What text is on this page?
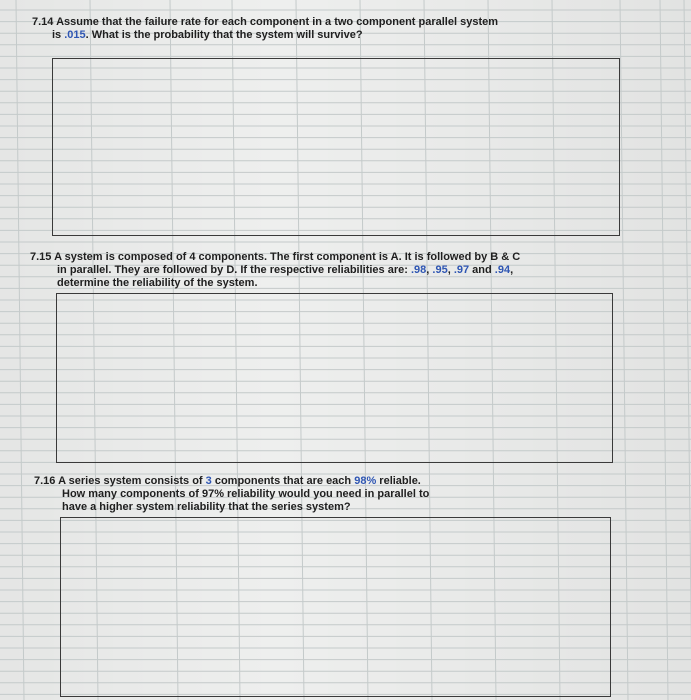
7.14 Assume that the failure rate for each component in a two component parallel system
is .015. What is the probability that the system will survive?
7.15 A system is composed of 4 components. The first component is A. It is followed by B & C
in parallel. They are followed by D. If the respective reliabilities are: .98, .95, .97 and .94,
determine the reliability of the system.
7.16 A series system consists of 3 components that are each 98% reliable.
How many components of 97% reliability would you need in parallel to
have a higher system reliability that the series system?
